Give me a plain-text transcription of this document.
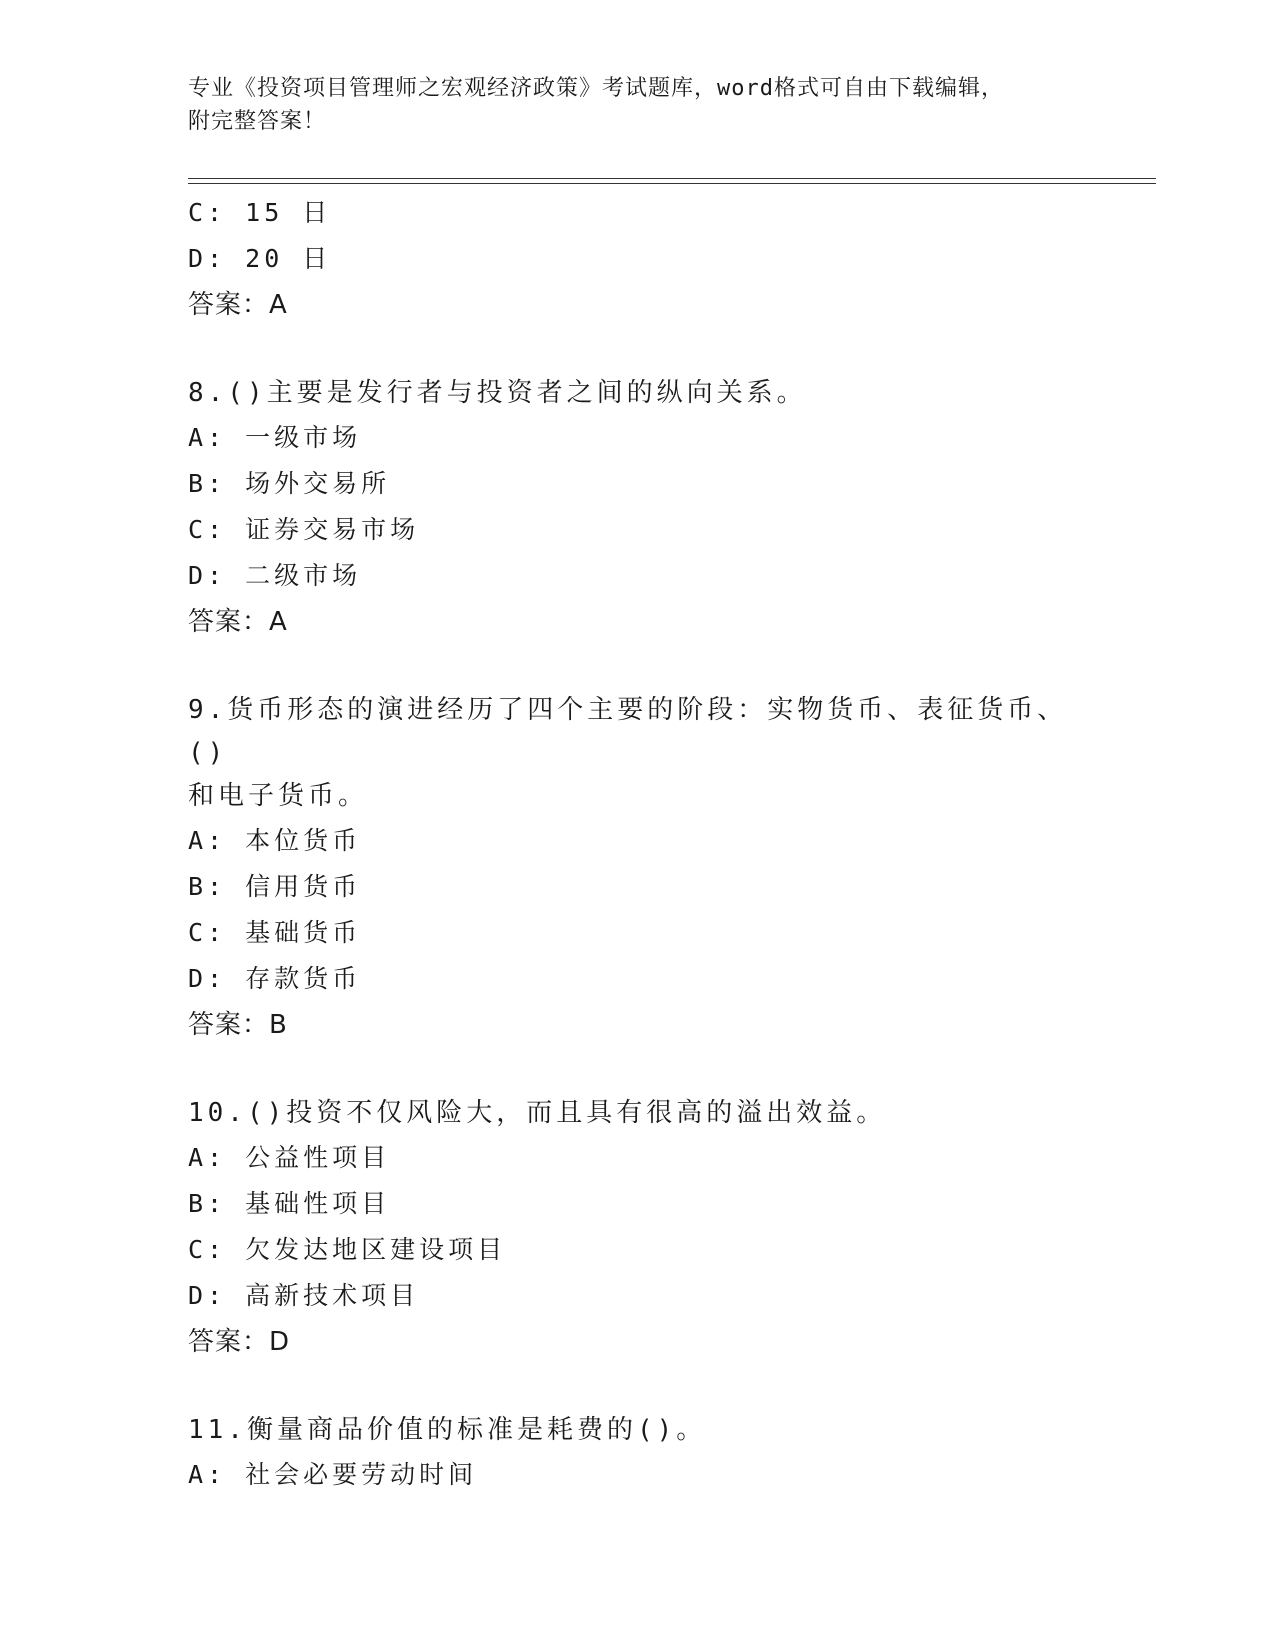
专业《投资项目管理师之宏观经济政策》考试题库，word格式可自由下载编辑，
附完整答案！
C: 15 日
D: 20 日
答案：A
8.()主要是发行者与投资者之间的纵向关系。
A: 一级市场
B: 场外交易所
C: 证券交易市场
D: 二级市场
答案：A
9.货币形态的演进经历了四个主要的阶段：实物货币、表征货币、()
和电子货币。
A: 本位货币
B: 信用货币
C: 基础货币
D: 存款货币
答案：B
10.()投资不仅风险大，而且具有很高的溢出效益。
A: 公益性项目
B: 基础性项目
C: 欠发达地区建设项目
D: 高新技术项目
答案：D
11.衡量商品价值的标准是耗费的()。
A: 社会必要劳动时间
